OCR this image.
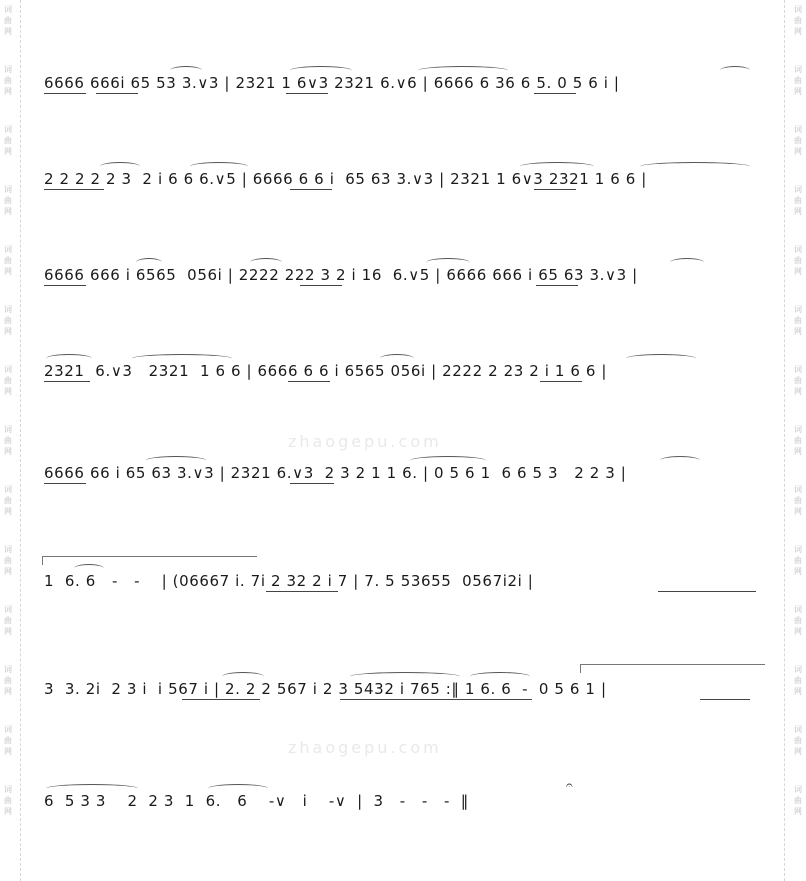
词
曲
网
词
曲
网
词
曲
网
词
曲
网
词
曲
网
词
曲
网
词
曲
网
词
曲
网
词
曲
网
词
曲
网
词
曲
网
词
曲
网
词
曲
网
词
曲
网
词
曲
网
词
曲
网
词
曲
网
词
曲
网
词
曲
网
词
曲
网
词
曲
网
词
曲
网
词
曲
网
词
曲
网
词
曲
网
词
曲
网
词
曲
网
词
曲
网
zhaogepu.com
zhaogepu.com
6666 666i 65 53 3.∨3 | 2321 1 6∨3 2321 6.∨6 | 6666 6 36 6 5. 0 5 6 i |
2 2 2 2 2 3  2 i 6 6 6.∨5 | 6666 6 6 i  65 63 3.∨3 | 2321 1 6∨3 2321 1 6 6 |
6666 666 i 6565  056i | 2222 222 3 2 i 16  6.∨5 | 6666 666 i 65 63 3.∨3 |
2321  6.∨3   2321  1 6 6 | 6666 6 6 i 6565 056i | 2222 2 23 2 i 1 6 6 |
6666 66 i 65 63 3.∨3 | 2321 6.∨3  2 3 2 1 1 6. | 0 5 6 1  6 6 5 3   2 2 3 |
1  6. 6   -   -    | (06667 i. 7i 2 32 2 i 7 | 7. 5 53655  0567i2i |
3  3. 2i  2 3 i  i 567 i | 2. 2 2 567 i 2 3 5432 i 765 :‖ 1 6. 6  -  0 5 6 1 |
6  5 3 3    2  2 3  1  6.   6    -∨   i    -∨  |  3   -   -   -  ‖
𝄐
